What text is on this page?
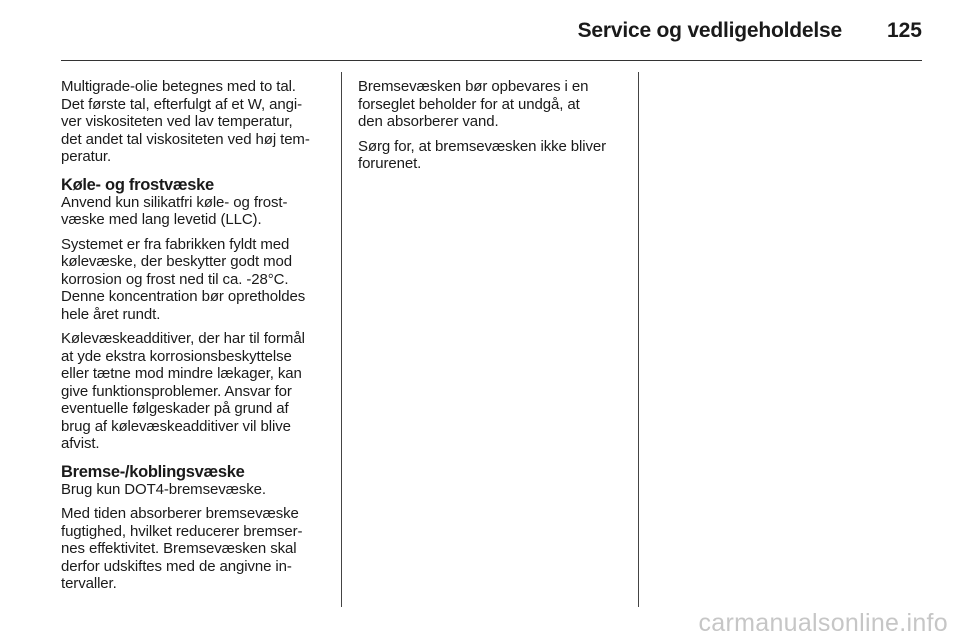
Service og vedligeholdelse 125

Multigrade-olie betegnes med to tal.
Det første tal, efterfulgt af et W, angi-
ver viskositeten ved lav temperatur,
det andet tal viskositeten ved høj tem-
peratur.

Køle- og frostvæske

Anvend kun silikatfri køle- og frost-
væske med lang levetid (LLC).

Systemet er fra fabrikken fyldt med
kølevæske, der beskytter godt mod
korrosion og frost ned til ca. -28°C.
Denne koncentration bør opretholdes
hele året rundt.

Kølevæskeadditiver, der har til formål
at yde ekstra korrosionsbeskyttelse
eller tætne mod mindre lækager, kan
give funktionsproblemer. Ansvar for
eventuelle følgeskader på grund af
brug af kølevæskeadditiver vil blive
afvist.

Bremse-/koblingsvæske

Brug kun DOT4-bremsevæske.

Med tiden absorberer bremsevæske
fugtighed, hvilket reducerer bremser-
nes effektivitet. Bremsevæsken skal
derfor udskiftes med de angivne in-
tervaller.

Bremsevæsken bør opbevares i en
forseglet beholder for at undgå, at
den absorberer vand.

Sørg for, at bremsevæsken ikke bliver
forurenet.

carmanualsonline.info
